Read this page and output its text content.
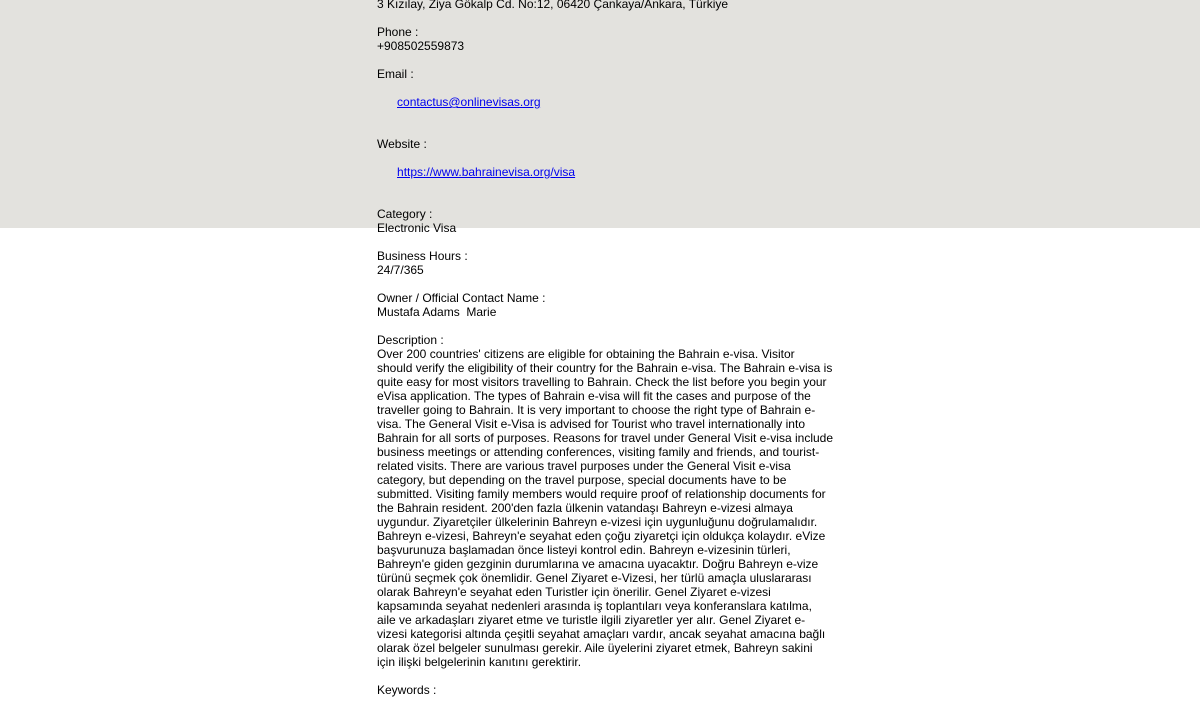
3 Kızılay, Ziya Gökalp Cd. No:12, 06420 Çankaya/Ankara, Türkiye
Phone :
+908502559873
Email :

contactus@onlinevisas.org

Website :

https://www.bahrainevisa.org/visa

Category :
Electronic Visa
Business Hours :
24/7/365
Owner / Official Contact Name :
Mustafa Adams  Marie
Description :
Over 200 countries' citizens are eligible for obtaining the Bahrain e-visa. Visitor should verify the eligibility of their country for the Bahrain e-visa. The Bahrain e-visa is quite easy for most visitors travelling to Bahrain. Check the list before you begin your eVisa application. The types of Bahrain e-visa will fit the cases and purpose of the traveller going to Bahrain. It is very important to choose the right type of Bahrain e-visa. The General Visit e-Visa is advised for Tourist who travel internationally into Bahrain for all sorts of purposes. Reasons for travel under General Visit e-visa include business meetings or attending conferences, visiting family and friends, and tourist-related visits. There are various travel purposes under the General Visit e-visa category, but depending on the travel purpose, special documents have to be submitted. Visiting family members would require proof of relationship documents for the Bahrain resident. 200'den fazla ülkenin vatandaşı Bahreyn e-vizesi almaya uygundur. Ziyaretçiler ülkelerinin Bahreyn e-vizesi için uygunluğunu doğrulamalıdır. Bahreyn e-vizesi, Bahreyn'e seyahat eden çoğu ziyaretçi için oldukça kolaydır. eVize başvurunuza başlamadan önce listeyi kontrol edin. Bahreyn e-vizesinin türleri, Bahreyn'e giden gezginin durumlarına ve amacına uyacaktır. Doğru Bahreyn e-vize türünü seçmek çok önemlidir. Genel Ziyaret e-Vizesi, her türlü amaçla uluslararası olarak Bahreyn'e seyahat eden Turistler için önerilir. Genel Ziyaret e-vizesi kapsamında seyahat nedenleri arasında iş toplantıları veya konferanslara katılma, aile ve arkadaşları ziyaret etme ve turistle ilgili ziyaretler yer alır. Genel Ziyaret e-vizesi kategorisi altında çeşitli seyahat amaçları vardır, ancak seyahat amacına bağlı olarak özel belgeler sunulması gerekir. Aile üyelerini ziyaret etmek, Bahreyn sakini için ilişki belgelerinin kanıtını gerektirir.
Keywords :
